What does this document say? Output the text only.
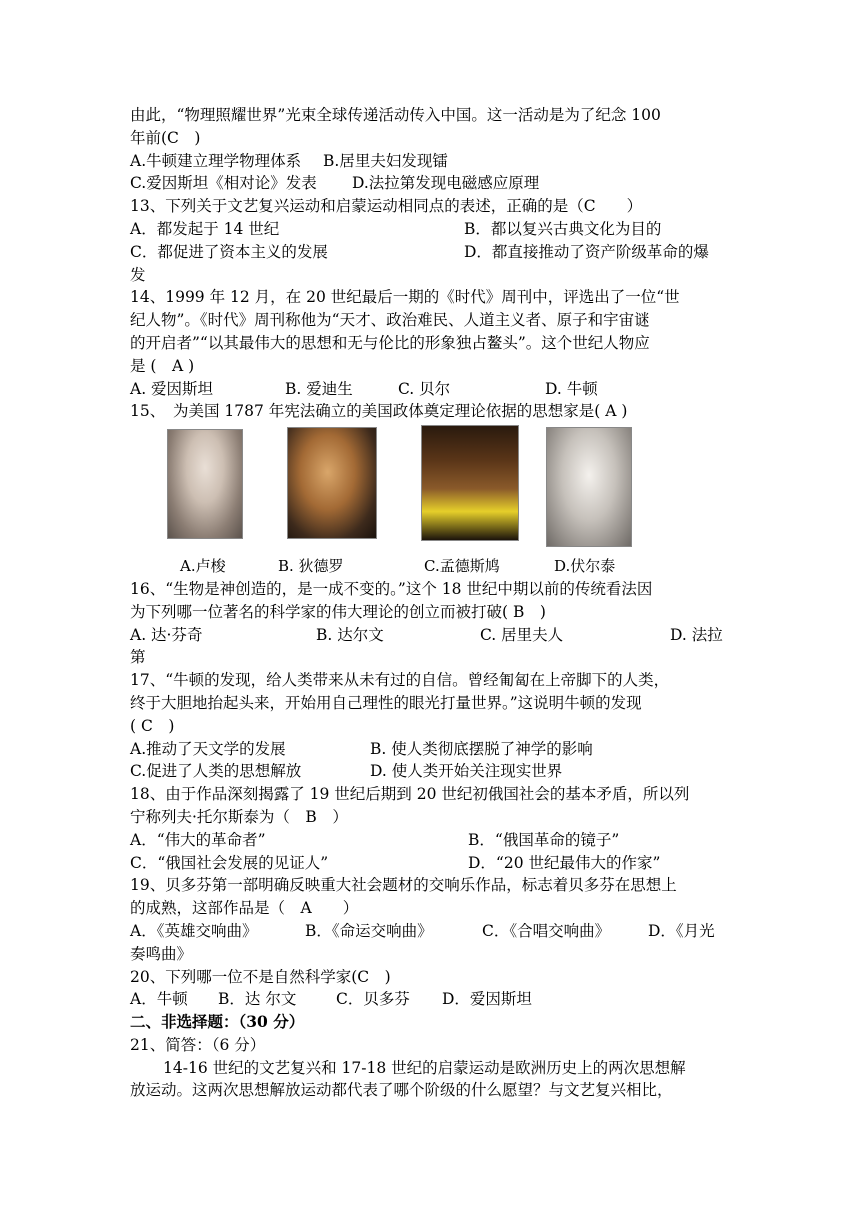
由此，“物理照耀世界”光束全球传递活动传入中国。这一活动是为了纪念 100
年前(C　)
A.牛顿建立理学物理体系 B.居里夫妇发现镭
C.爱因斯坦《相对论》发表 D.法拉第发现电磁感应原理
13、下列关于文艺复兴运动和启蒙运动相同点的表述，正确的是（C　　）
A．都发起于 14 世纪	B．都以复兴古典文化为目的
C．都促进了资本主义的发展	D．都直接推动了资产阶级革命的爆
发
14、1999 年 12 月，在 20 世纪最后一期的《时代》周刊中，评选出了一位“世
纪人物”。《时代》周刊称他为“天才、政治难民、人道主义者、原子和宇宙谜
的开启者”“以其最伟大的思想和无与伦比的形象独占鳌头”。这个世纪人物应
是 (　A )
A. 爱因斯坦	B. 爱迪生	C. 贝尔	D. 牛顿
15、　为美国 1787 年宪法确立的美国政体奠定理论依据的思想家是( A )
A.卢梭	B. 狄德罗	C.孟德斯鸠	D.伏尔泰
16、“生物是神创造的，是一成不变的。”这个 18 世纪中期以前的传统看法因
为下列哪一位著名的科学家的伟大理论的创立而被打破( B　)
A. 达·芬奇	B. 达尔文	C. 居里夫人	D. 法拉
第
17、“牛顿的发现，给人类带来从未有过的自信。曾经匍匐在上帝脚下的人类，
终于大胆地抬起头来，开始用自己理性的眼光打量世界。”这说明牛顿的发现
( C　)
A.推动了天文学的发展	B. 使人类彻底摆脱了神学的影响
C.促进了人类的思想解放	D. 使人类开始关注现实世界
18、由于作品深刻揭露了 19 世纪后期到 20 世纪初俄国社会的基本矛盾，所以列
宁称列夫·托尔斯泰为（　B　）
A．“伟大的革命者”	B．“俄国革命的镜子”
C．“俄国社会发展的见证人”	D．“20 世纪最伟大的作家”
19、贝多芬第一部明确反映重大社会题材的交响乐作品，标志着贝多芬在思想上
的成熟，这部作品是（　A　　）
A．《英雄交响曲》	B．《命运交响曲》	C．《合唱交响曲》 D．《月光
奏鸣曲》
20、下列哪一位不是自然科学家(C　)
A．牛顿 B．达 尔文	C．贝多芬 D．爱因斯坦
二、非选择题：（30 分）
21、简答：（6 分）
14-16 世纪的文艺复兴和 17-18 世纪的启蒙运动是欧洲历史上的两次思想解
放运动。这两次思想解放运动都代表了哪个阶级的什么愿望？与文艺复兴相比，
